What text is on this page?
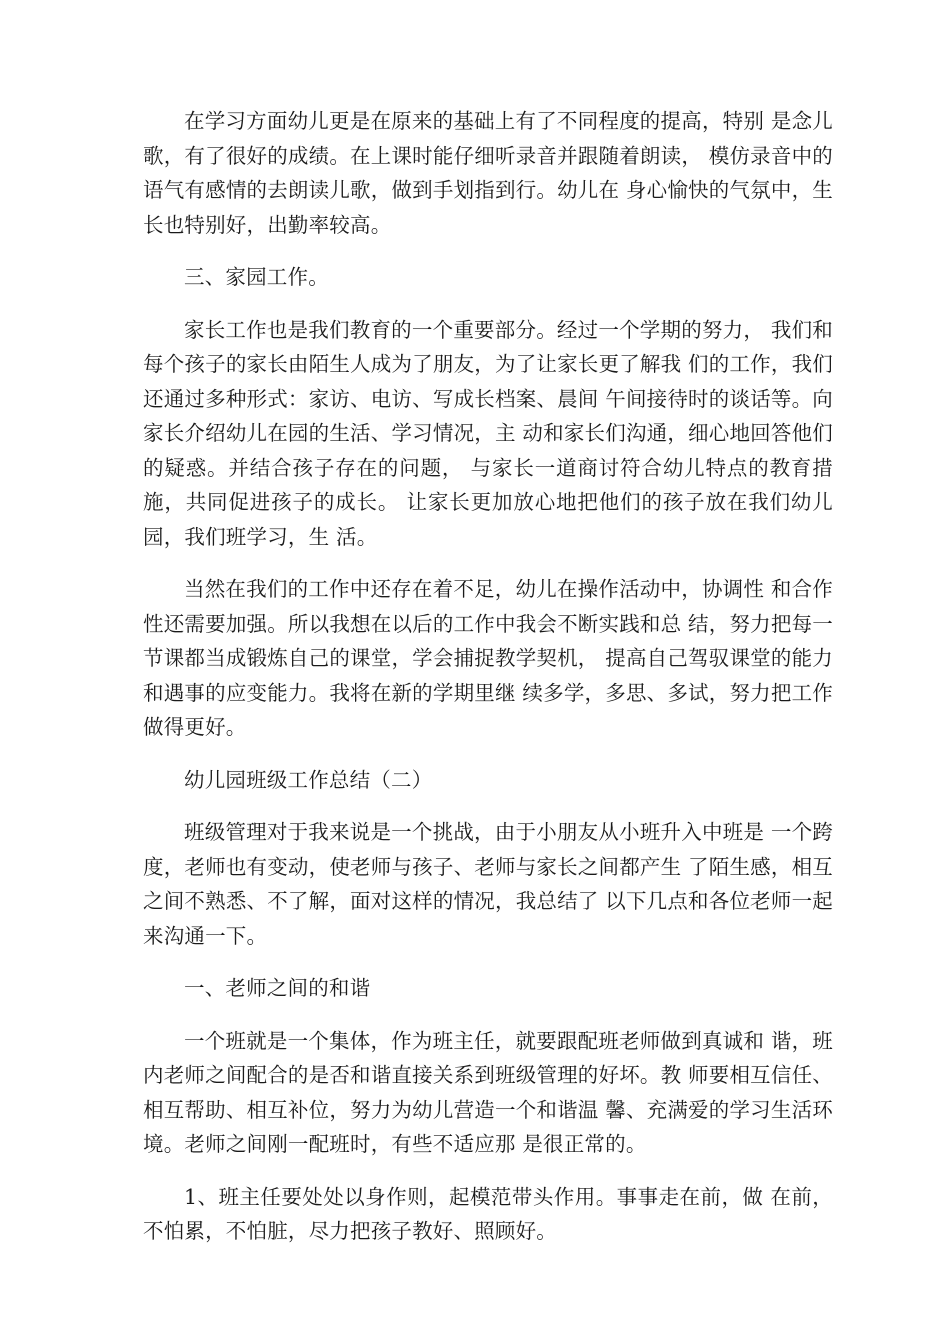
在学习方面幼儿更是在原来的基础上有了不同程度的提高，特别 是念儿歌，有了很好的成绩。在上课时能仔细听录音并跟随着朗读， 模仿录音中的语气有感情的去朗读儿歌，做到手划指到行。幼儿在 身心愉快的气氛中，生长也特别好，出勤率较高。

三、家园工作。

家长工作也是我们教育的一个重要部分。经过一个学期的努力， 我们和每个孩子的家长由陌生人成为了朋友，为了让家长更了解我 们的工作，我们还通过多种形式：家访、电访、写成长档案、晨间 午间接待时的谈话等。向家长介绍幼儿在园的生活、学习情况，主 动和家长们沟通，细心地回答他们的疑惑。并结合孩子存在的问题， 与家长一道商讨符合幼儿特点的教育措施，共同促进孩子的成长。 让家长更加放心地把他们的孩子放在我们幼儿园，我们班学习，生 活。

当然在我们的工作中还存在着不足，幼儿在操作活动中，协调性 和合作性还需要加强。所以我想在以后的工作中我会不断实践和总 结，努力把每一节课都当成锻炼自己的课堂，学会捕捉教学契机， 提高自己驾驭课堂的能力和遇事的应变能力。我将在新的学期里继 续多学，多思、多试，努力把工作做得更好。

幼儿园班级工作总结（二）

班级管理对于我来说是一个挑战，由于小朋友从小班升入中班是 一个跨度，老师也有变动，使老师与孩子、老师与家长之间都产生 了陌生感，相互之间不熟悉、不了解，面对这样的情况，我总结了 以下几点和各位老师一起来沟通一下。

一、老师之间的和谐

一个班就是一个集体，作为班主任，就要跟配班老师做到真诚和 谐，班内老师之间配合的是否和谐直接关系到班级管理的好坏。教 师要相互信任、相互帮助、相互补位，努力为幼儿营造一个和谐温 馨、充满爱的学习生活环境。老师之间刚一配班时，有些不适应那 是很正常的。

1、班主任要处处以身作则，起模范带头作用。事事走在前，做 在前，不怕累，不怕脏，尽力把孩子教好、照顾好。
